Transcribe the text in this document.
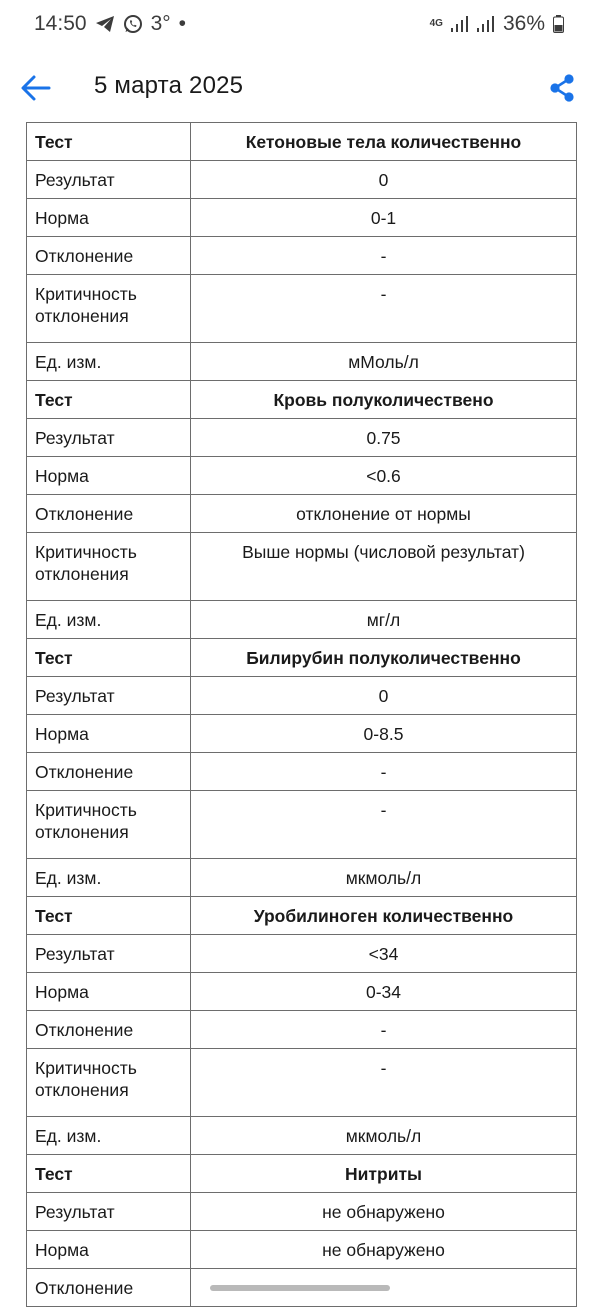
14:50	3° •	4G	36%
5 марта 2025
Тест	Кетоновые тела количественно
Результат	0
Норма	0-1
Отклонение	-
Критичность отклонения	-
Ед. изм.	мМоль/л
Тест	Кровь полуколичествено
Результат	0.75
Норма	<0.6
Отклонение	отклонение от нормы
Критичность отклонения	Выше нормы (числовой результат)
Ед. изм.	мг/л
Тест	Билирубин полуколичественно
Результат	0
Норма	0-8.5
Отклонение	-
Критичность отклонения	-
Ед. изм.	мкмоль/л
Тест	Уробилиноген количественно
Результат	<34
Норма	0-34
Отклонение	-
Критичность отклонения	-
Ед. изм.	мкмоль/л
Тест	Нитриты
Результат	не обнаружено
Норма	не обнаружено
Отклонение	
